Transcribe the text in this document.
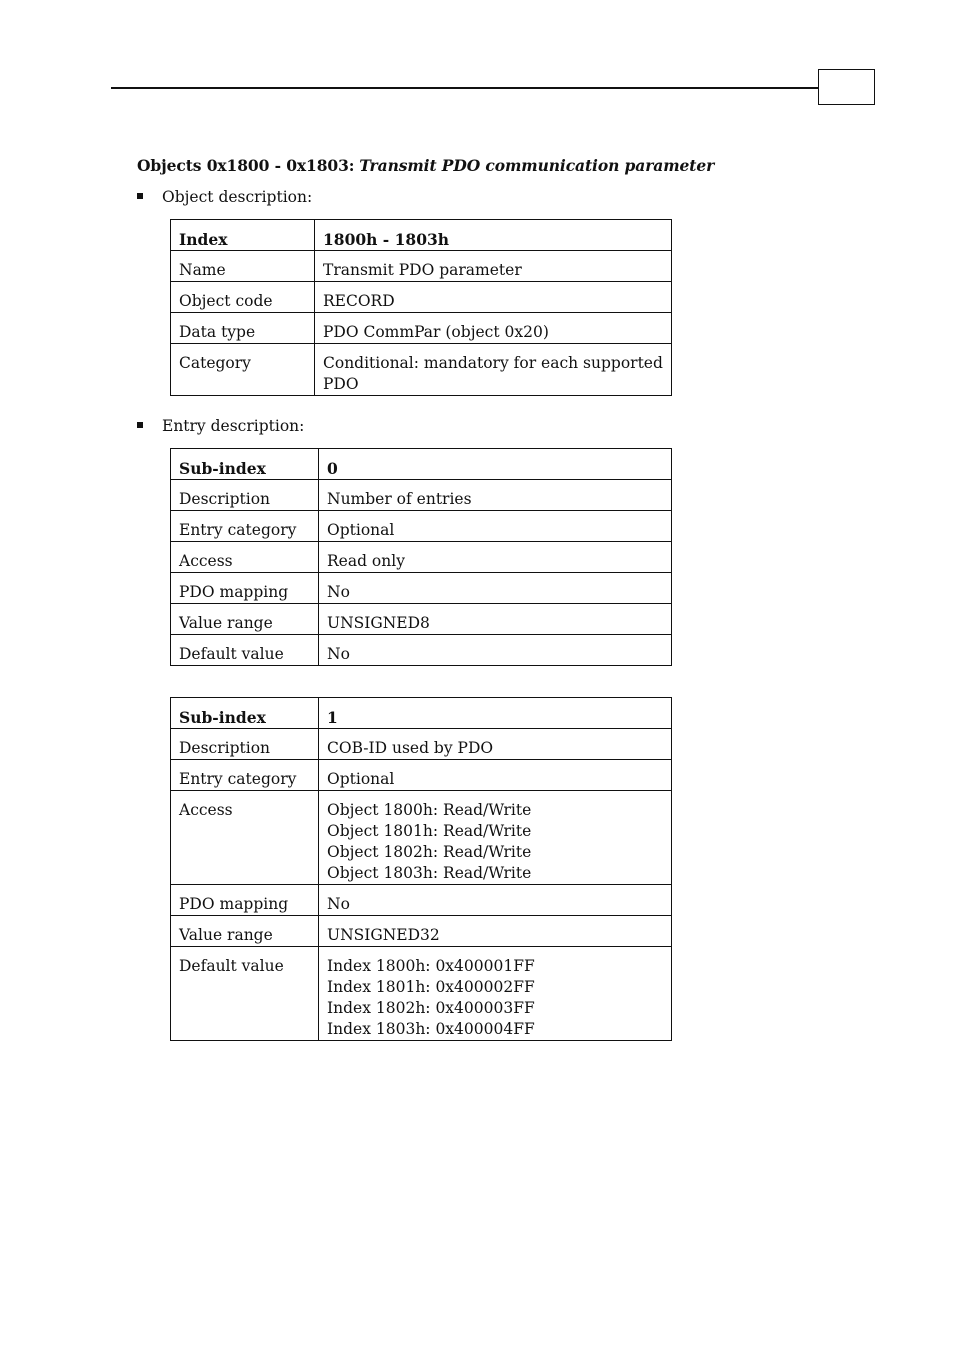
Objects 0x1800 - 0x1803: Transmit PDO communication parameter
Object description:
Index	1800h - 1803h
Name	Transmit PDO parameter
Object code	RECORD
Data type	PDO CommPar (object 0x20)
Category	Conditional: mandatory for each supported PDO
Entry description:
Sub-index	0
Description	Number of entries
Entry category	Optional
Access	Read only
PDO mapping	No
Value range	UNSIGNED8
Default value	No
Sub-index	1
Description	COB-ID used by PDO
Entry category	Optional
Access	Object 1800h: Read/Write
Object 1801h: Read/Write
Object 1802h: Read/Write
Object 1803h: Read/Write

PDO mapping	No
Value range	UNSIGNED32
Default value	Index 1800h: 0x400001FF
Index 1801h: 0x400002FF
Index 1802h: 0x400003FF
Index 1803h: 0x400004FF
